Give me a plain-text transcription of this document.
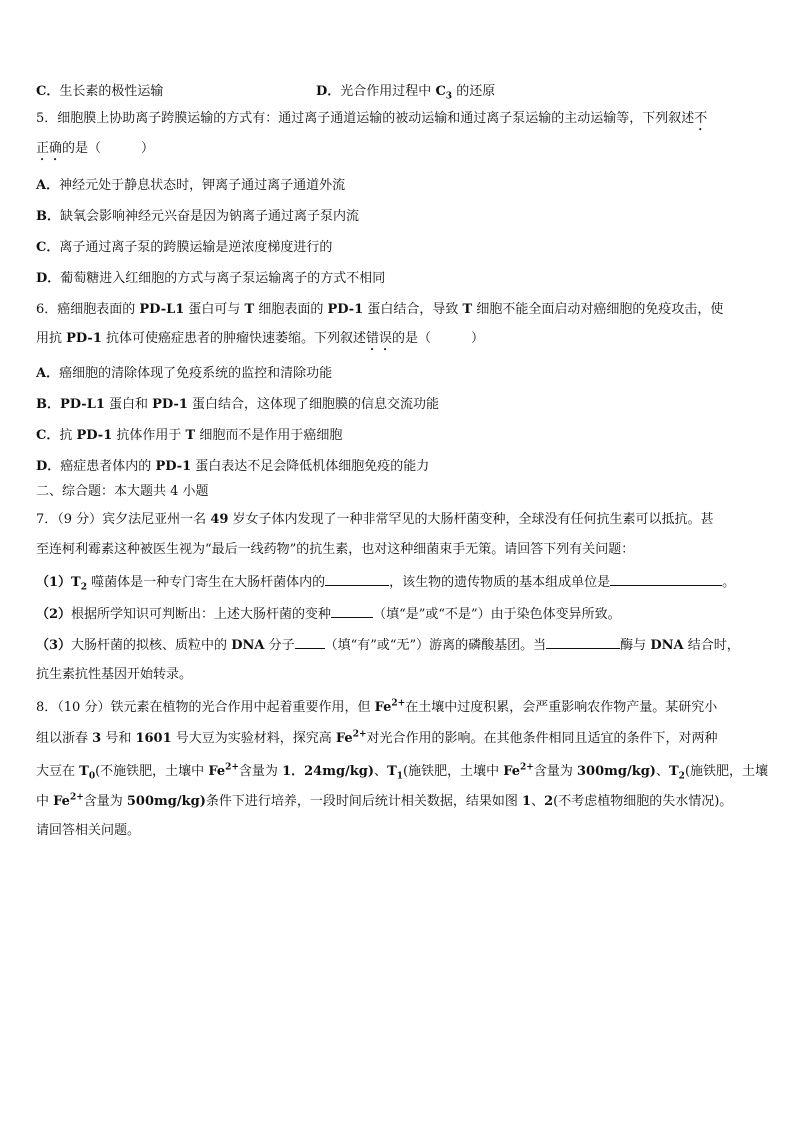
C．生长素的极性运输	D．光合作用过程中 $C_3$ 的还原
5．细胞膜上协助离子跨膜运输的方式有：通过离子通道运输的被动运输和通过离子泵运输的主动运输等，下列叙述不
正确的是（	）
A．神经元处于静息状态时，钾离子通过离子通道外流
B．缺氧会影响神经元兴奋是因为钠离子通过离子泵内流
C．离子通过离子泵的跨膜运输是逆浓度梯度进行的
D．葡萄糖进入红细胞的方式与离子泵运输离子的方式不相同
6．癌细胞表面的 PD-L1 蛋白可与 T 细胞表面的 PD-1 蛋白结合，导致 T 细胞不能全面启动对癌细胞的免疫攻击，使
用抗 PD-1 抗体可使癌症患者的肿瘤快速萎缩。下列叙述错误的是（	）
A．癌细胞的清除体现了免疫系统的监控和清除功能
B．PD-L1 蛋白和 PD-1 蛋白结合，这体现了细胞膜的信息交流功能
C．抗 PD-1 抗体作用于 T 细胞而不是作用于癌细胞
D．癌症患者体内的 PD-1 蛋白表达不足会降低机体细胞免疫的能力
二、综合题：本大题共 4 小题
7．（9 分）宾夕法尼亚州一名 49 岁女子体内发现了一种非常罕见的大肠杆菌变种，全球没有任何抗生素可以抵抗。甚
至连柯利霉素这种被医生视为“最后一线药物”的抗生素，也对这种细菌束手无策。请回答下列有关问题：
$(1)T_2$ 噬菌体是一种专门寄生在大肠杆菌体内的	，该生物的遗传物质的基本组成单位是	。
（2）根据所学知识可判断出：上述大肠杆菌的变种	（填“是”或“不是”）由于染色体变异所致。
（3）大肠杆菌的拟核、质粒中的 DNA 分子 （填“有”或“无”）游离的磷酸基团。当	酶与 DNA 结合时，
抗生素抗性基因开始转录。
8．（10 分）铁元素在植物的光合作用中起着重要作用，但 $Fe^{2+}$在土壤中过度积累，会严重影响农作物产量。某研究小
组以浙春 3 号和 1601 号大豆为实验材料，探究高 $Fe^{2+}$对光合作用的影响。在其他条件相同且适宜的条件下，对两种
大豆在 $T_0$(不施铁肥，土壤中 $Fe^{2+}$含量为 1．24mg/kg)、$T_1$(施铁肥，土壤中 $Fe^{2+}$含量为 300mg/kg)、$T_2$(施铁肥，土壤
中 $Fe^{2+}$含量为 500mg/kg)条件下进行培养，一段时间后统计相关数据，结果如图 1、2(不考虑植物细胞的失水情况)。
请回答相关问题。
